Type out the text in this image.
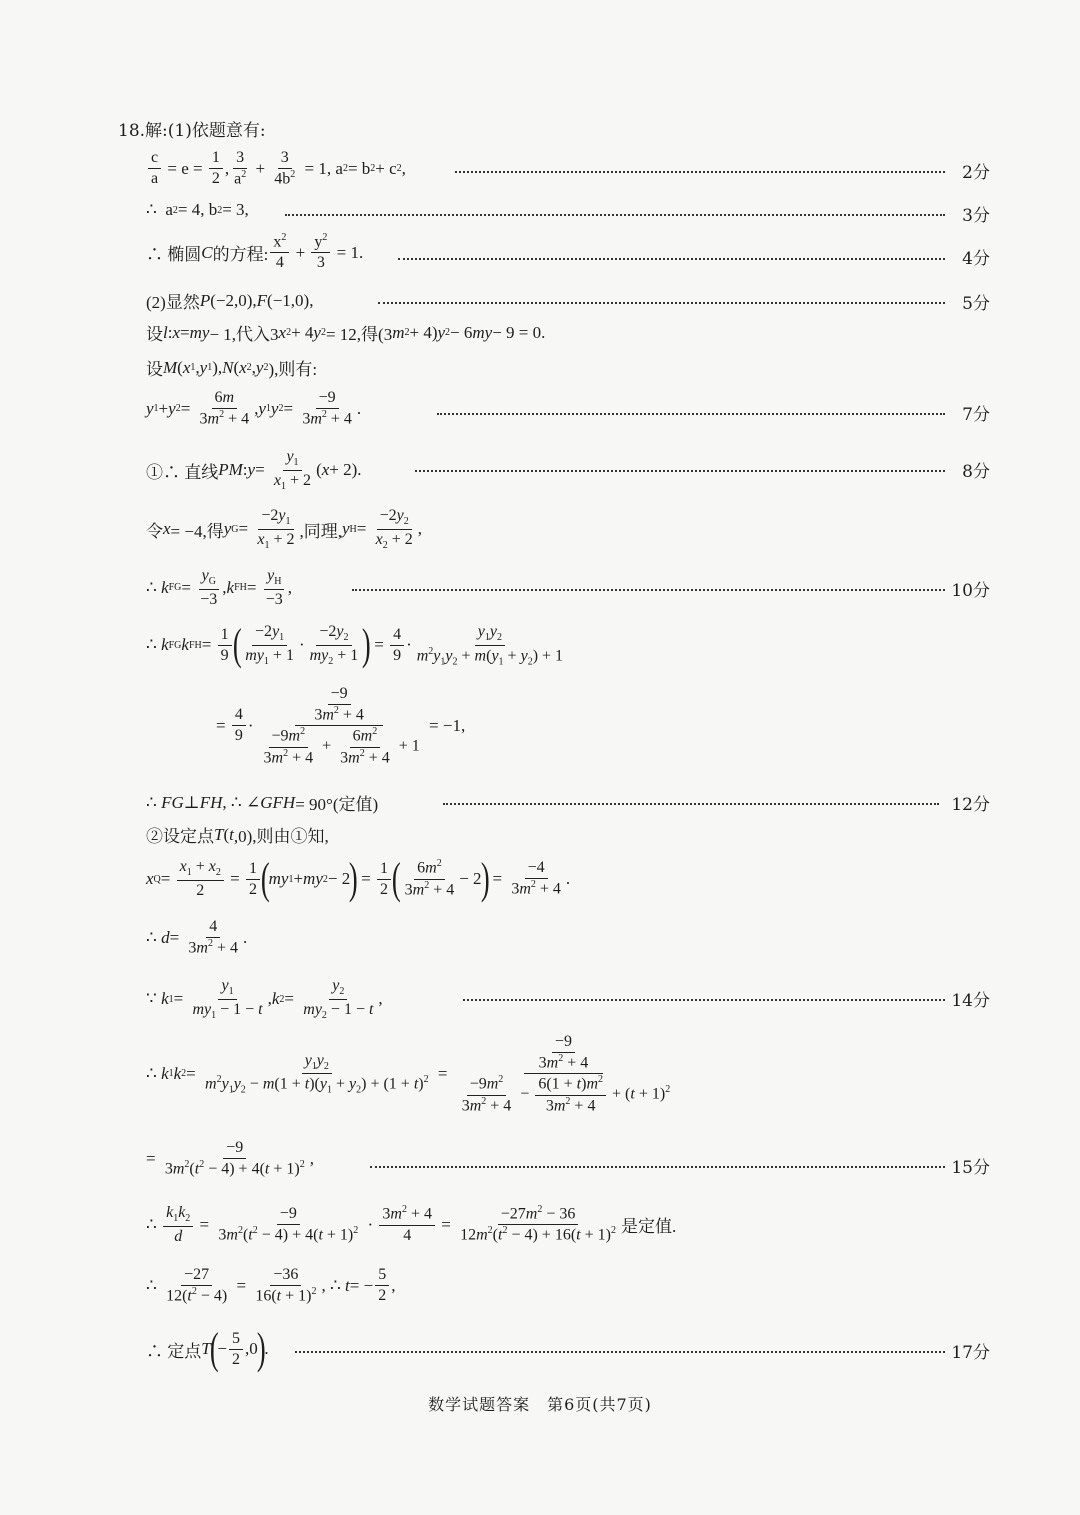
18.解:(1)依题意有:
$\frac{c}{a} = e = \frac{1}{2}$ , $\frac{3}{a^2} + \frac{3}{4b^2} = 1$, a 2 = b 2 + c 2 ,	2分
∴  a 2 = 4, b 2 = 3,	3分
∴ 椭圆 C 的方程: $\frac{x^2}{4} + \frac{y^2}{3} = 1$.	4分
(2)显然 P (−2,0), F (−1,0),	5分
设 l : x = my − 1,代入3 x 2 + 4 y 2 = 12,得(3 m 2 + 4) y 2 − 6 my − 9 = 0.
设 M ( x 1 , y 1 ), N ( x 2 , y 2 ),则有:
y 1 + y $2 = \frac{6m}{3m^2 + 4}$ , y 1 y $2 = \frac{-9}{3m^2 + 4}$ .	7分
①∴ 直线 PM : $y = \frac{y_1}{x_1 + 2}$ ( x + 2).	8分
令 x = −4,得 y $G = \frac{-2y_1}{x_1 + 2}$ ,同理, y $H = \frac{-2y_2}{x_2 + 2}$ ,
∴ k FG = $\frac{y_G}{-3}$ , k FH = $\frac{y_H}{-3}$ ,	10分
∴ k FG k FH = $\frac{1}{9}$ ( $\frac{-2y_1}{my_1 + 1} \cdot \frac{-2y_2}{my_2 + 1}$ )
= $\frac{4}{9} \cdot \frac{y_1y_2}{m^2y_1y_2 + m(y_1 + y_2) + 1}$
= $\frac{4}{9} \cdot \frac{\frac{-9}{3m^2 + 4}}{\frac{-9m^2}{3m^2 + 4} + \frac{6m^2}{3m^2 + 4} + 1} = -1$,
∴ FG ⊥ FH , ∴ ∠ GFH = 90°(定值)	12分
②设定点 T ( t ,0),则由①知,
x $Q = \frac{x_1 + x_2}{2} = \frac{1}{2}$ (
my 1 + my 2 − 2
)
= $\frac{1}{2}$ ( $\frac{6m^2}{3m^2 + 4} - 2$
)
= $\frac{-4}{3m^2 + 4}$ .
∴ $d = \frac{4}{3m^2 + 4}$ .
∵ k $1 = \frac{y_1}{my_1 - 1 - t}$ , k $2 = \frac{y_2}{my_2 - 1 - t}$ ,	14分
∴ k 1 k $2 = \frac{y_1y_2}{m^2y_1y_2 - m(1 + t)(y_1 + y_2) + (1 + t)^2} = \frac{\frac{-9}{3m^2 + 4}}{\frac{-9m^2}{3m^2 + 4} - \frac{6(1 + t)m^2}{3m^2 + 4} + (t + 1)^2}$
= $\frac{-9}{3m^2(t^2 - 4) + 4(t + 1)^2}$ ,	15分
∴ $\frac{k_1k_2}{d} = \frac{-9}{3m^2(t^2 - 4) + 4(t + 1)^2} \cdot \frac{3m^2 + 4}{4} = \frac{-27m^2 - 36}{12m^2(t^2 - 4) + 16(t + 1)^2}$ 是定值.
∴ $\frac{-27}{12(t^2 - 4)} = \frac{-36}{16(t + 1)^2}$ , ∴ t = − $\frac{5}{2}$ ,
∴ 定点 T
(
− $\frac{5}{2} ,0$
)
.	17分
数学试题答案　第6页(共7页)
